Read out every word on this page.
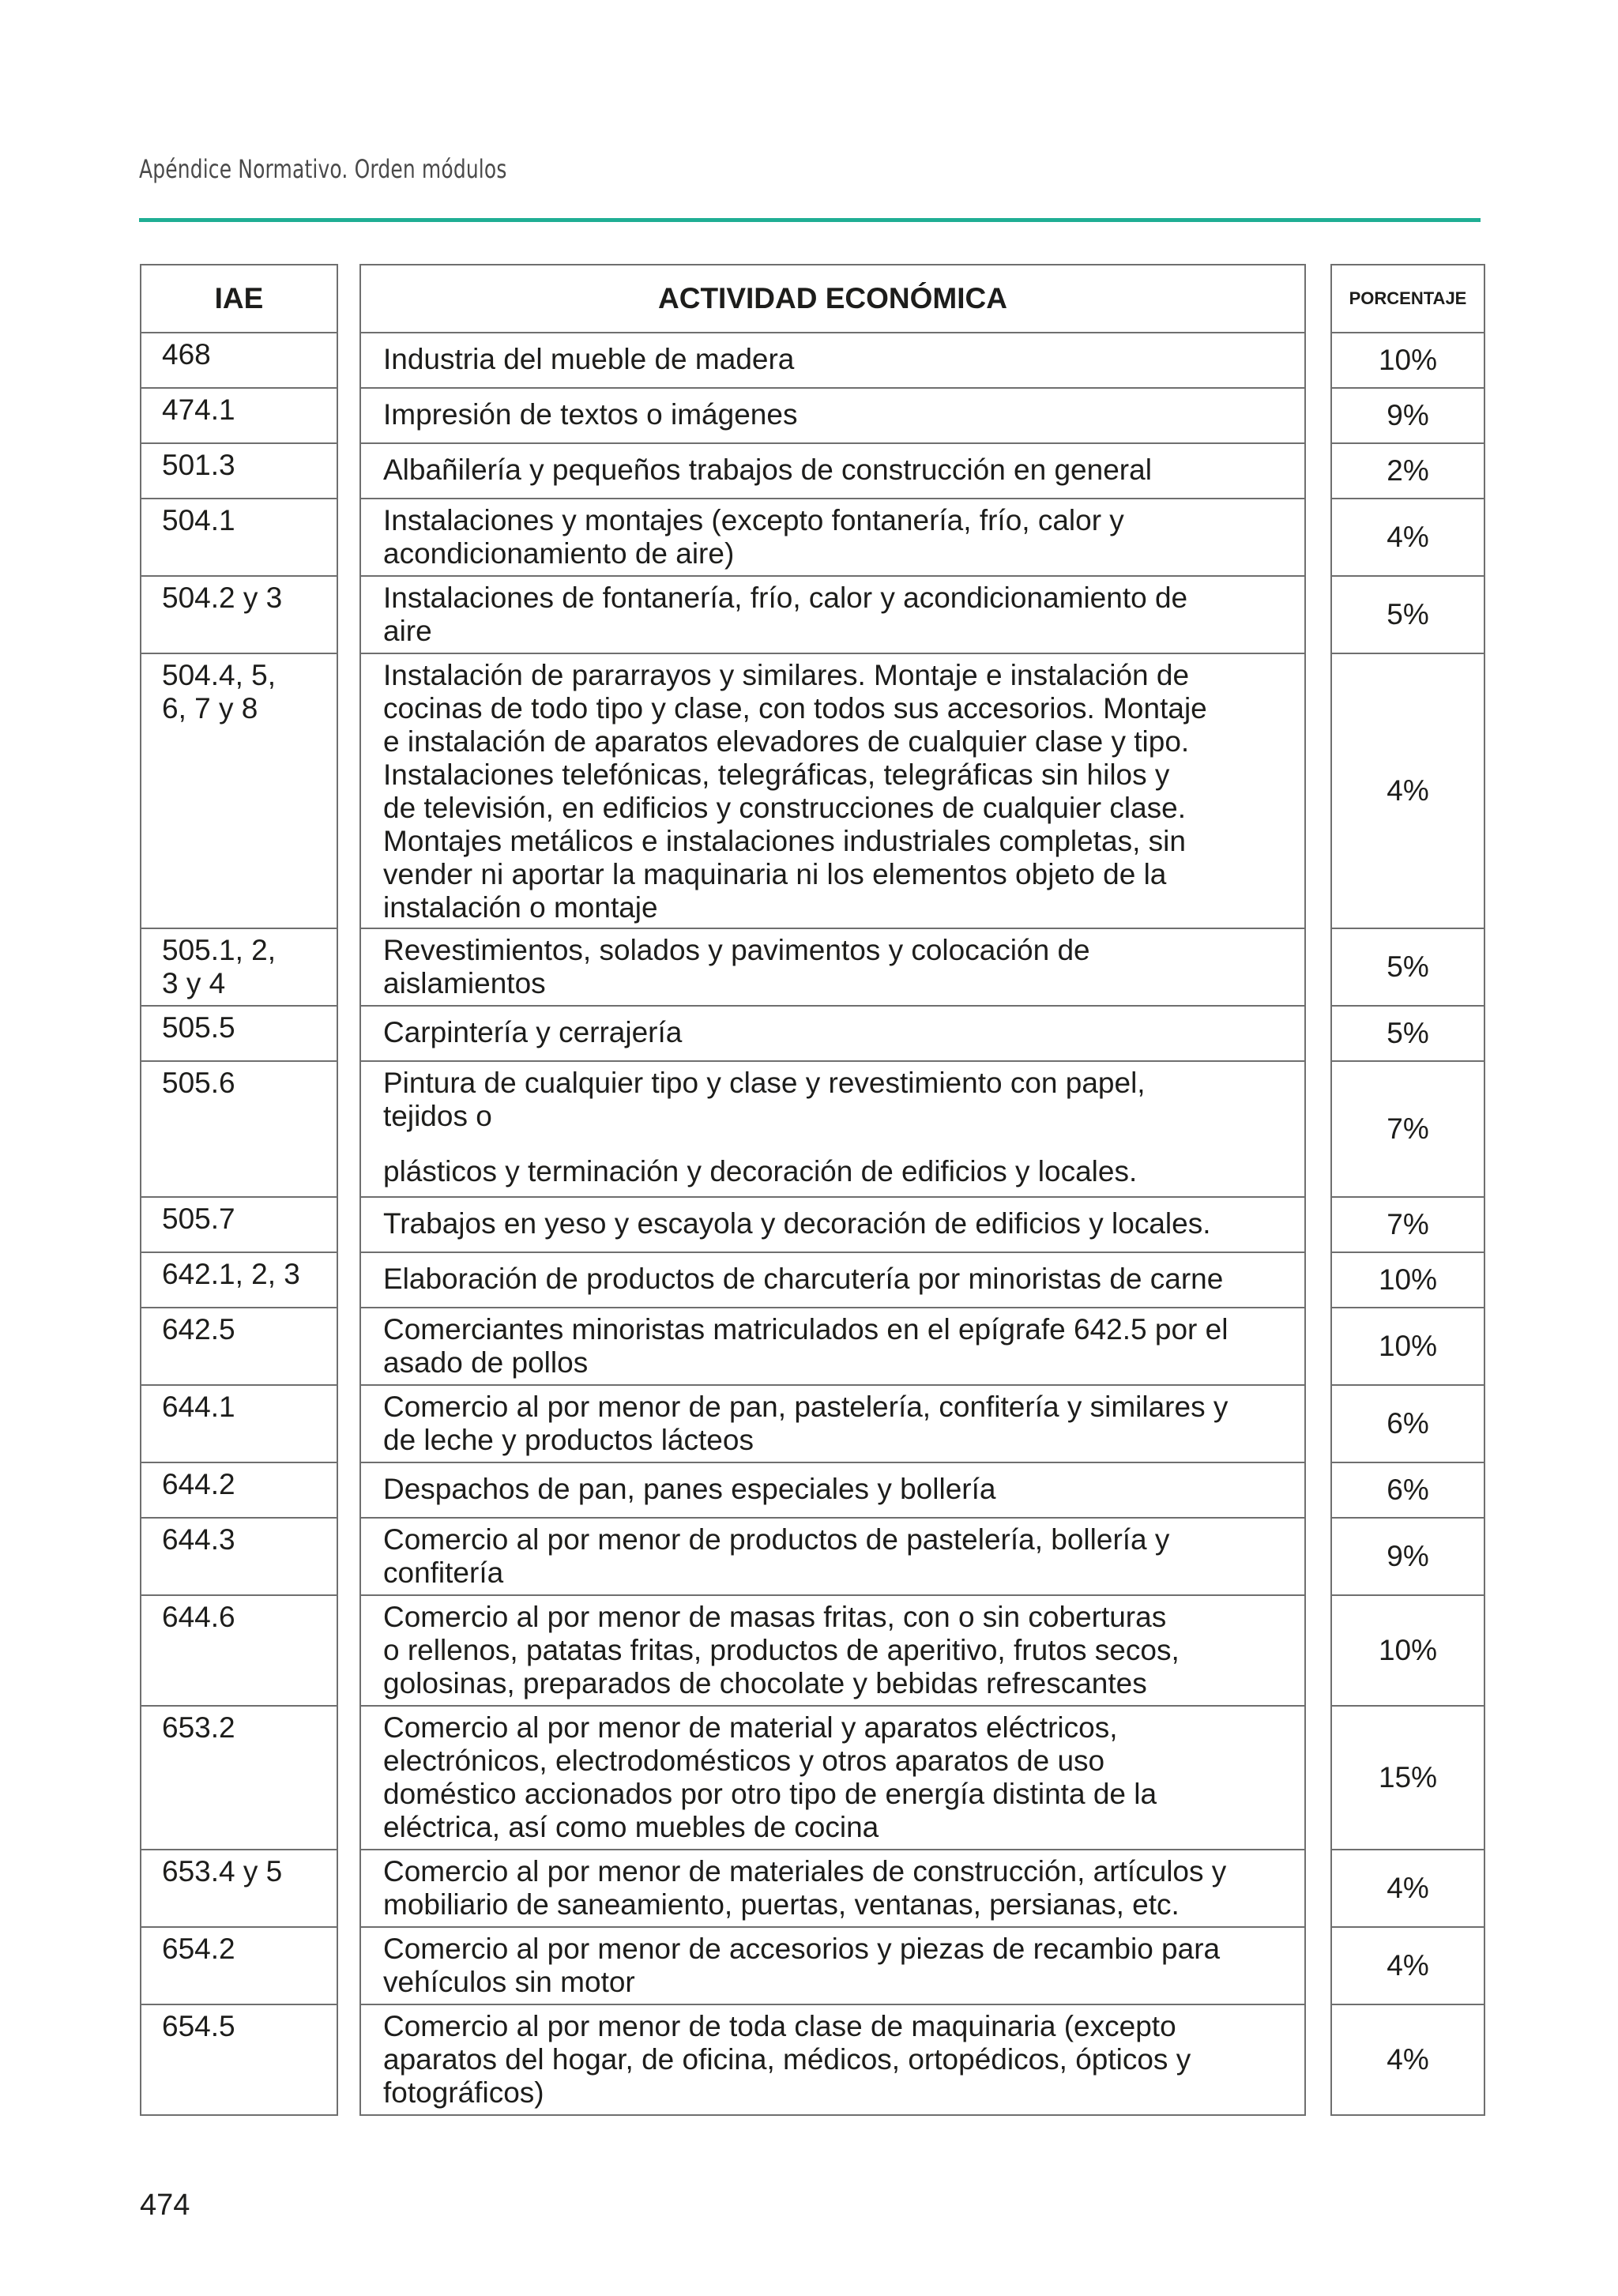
Apéndice Normativo. Orden módulos
IAE
468
474.1
501.3
504.1
504.2 y 3
504.4, 5,
6, 7 y 8
505.1, 2,
3 y 4
505.5
505.6
505.7
642.1, 2, 3
642.5
644.1
644.2
644.3
644.6
653.2
653.4 y 5
654.2
654.5
ACTIVIDAD ECONÓMICA
Industria del mueble de madera
Impresión de textos o imágenes
Albañilería y pequeños trabajos de construcción en general
Instalaciones y montajes (excepto fontanería, frío, calor y
acondicionamiento de aire)
Instalaciones de fontanería, frío, calor y acondicionamiento de
aire
Instalación de pararrayos y similares. Montaje e instalación de
cocinas de todo tipo y clase, con todos sus accesorios. Montaje
e instalación de aparatos elevadores de cualquier clase y tipo.
Instalaciones telefónicas, telegráficas, telegráficas sin hilos y
de televisión, en edificios y construcciones de cualquier clase.
Montajes metálicos e instalaciones industriales completas, sin
vender ni aportar la maquinaria ni los elementos objeto de la
instalación o montaje
Revestimientos, solados y pavimentos y colocación de
aislamientos
Carpintería y cerrajería
Pintura de cualquier tipo y clase y revestimiento con papel,
tejidos o
plásticos y terminación y decoración de edificios y locales.
Trabajos en yeso y escayola y decoración de edificios y locales.
Elaboración de productos de charcutería por minoristas de carne
Comerciantes minoristas matriculados en el epígrafe 642.5 por el
asado de pollos
Comercio al por menor de pan, pastelería, confitería y similares y
de leche y productos lácteos
Despachos de pan, panes especiales y bollería
Comercio al por menor de productos de pastelería, bollería y
confitería
Comercio al por menor de masas fritas, con o sin coberturas
o rellenos, patatas fritas, productos de aperitivo, frutos secos,
golosinas, preparados de chocolate y bebidas refrescantes
Comercio al por menor de material y aparatos eléctricos,
electrónicos, electrodomésticos y otros aparatos de uso
doméstico accionados por otro tipo de energía distinta de la
eléctrica, así como muebles de cocina
Comercio al por menor de materiales de construcción, artículos y
mobiliario de saneamiento, puertas, ventanas, persianas, etc.
Comercio al por menor de accesorios y piezas de recambio para
vehículos sin motor
Comercio al por menor de toda clase de maquinaria (excepto
aparatos del hogar, de oficina, médicos, ortopédicos, ópticos y
fotográficos)
PORCENTAJE
10%
9%
2%
4%
5%
4%
5%
5%
7%
7%
10%
10%
6%
6%
9%
10%
15%
4%
4%
4%
474
